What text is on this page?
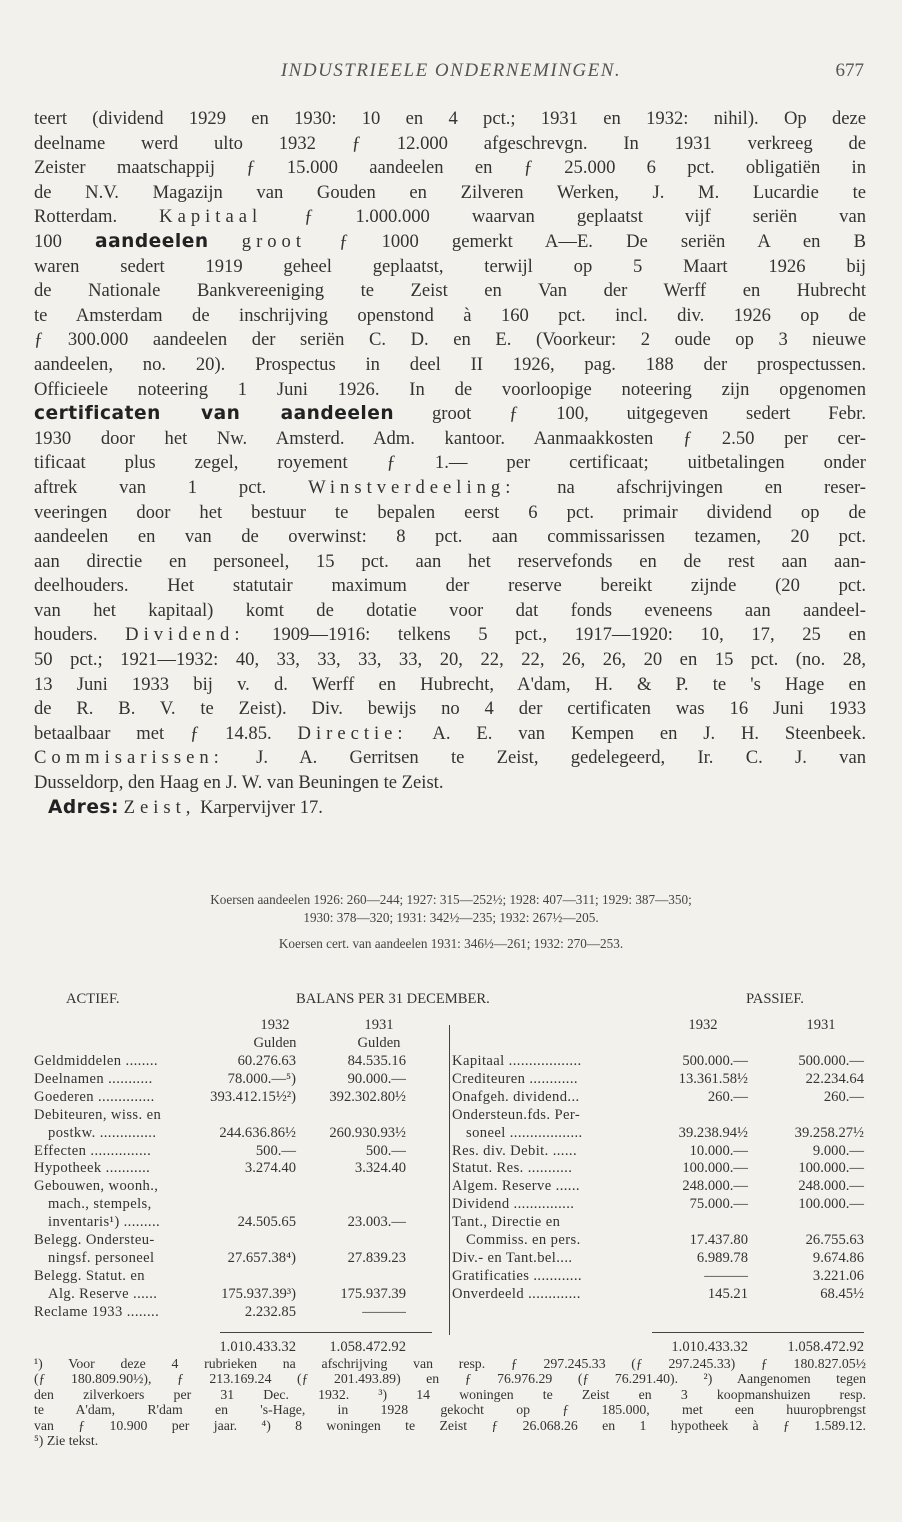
INDUSTRIEELE ONDERNEMINGEN.	677

teert (dividend 1929 en 1930: 10 en 4 pct.; 1931 en 1932: nihil). Op deze

deelname werd ulto 1932 ƒ 12.000 afgeschrevgn. In 1931 verkreeg de

Zeister maatschappij ƒ 15.000 aandeelen en ƒ 25.000 6 pct. obligatiën in

de N.V. Magazijn van Gouden en Zilveren Werken, J. M. Lucardie te

Rotterdam. Kapitaal ƒ 1.000.000 waarvan geplaatst vijf seriën van

100 aandeelen groot ƒ 1000 gemerkt A—E. De seriën A en B

waren sedert 1919 geheel geplaatst, terwijl op 5 Maart 1926 bij

de Nationale Bankvereeniging te Zeist en Van der Werff en Hubrecht

te Amsterdam de inschrijving openstond à 160 pct. incl. div. 1926 op de

ƒ 300.000 aandeelen der seriën C. D. en E. (Voorkeur: 2 oude op 3 nieuwe

aandeelen, no. 20). Prospectus in deel II 1926, pag. 188 der prospectussen.

Officieele noteering 1 Juni 1926. In de voorloopige noteering zijn opgenomen

certificaten van aandeelen groot ƒ 100, uitgegeven sedert Febr.

1930 door het Nw. Amsterd. Adm. kantoor. Aanmaakkosten ƒ 2.50 per cer-

tificaat plus zegel, royement ƒ 1.— per certificaat; uitbetalingen onder

aftrek van 1 pct. Winstverdeeling: na afschrijvingen en reser-

veeringen door het bestuur te bepalen eerst 6 pct. primair dividend op de

aandeelen en van de overwinst: 8 pct. aan commissarissen tezamen, 20 pct.

aan directie en personeel, 15 pct. aan het reservefonds en de rest aan aan-

deelhouders. Het statutair maximum der reserve bereikt zijnde (20 pct.

van het kapitaal) komt de dotatie voor dat fonds eveneens aan aandeel-

houders. Dividend: 1909—1916: telkens 5 pct., 1917—1920: 10, 17, 25 en

50 pct.; 1921—1932: 40, 33, 33, 33, 33, 20, 22, 22, 26, 26, 20 en 15 pct. (no. 28,

13 Juni 1933 bij v. d. Werff en Hubrecht, A'dam, H. & P. te 's Hage en

de R. B. V. te Zeist). Div. bewijs no 4 der certificaten was 16 Juni 1933

betaalbaar met ƒ 14.85. Directie: A. E. van Kempen en J. H. Steenbeek.

Commisarissen: J. A. Gerritsen te Zeist, gedelegeerd, Ir. C. J. van

Dusseldorp, den Haag en J. W. van Beuningen te Zeist.

Adres: Zeist, Karpervijver 17.

Koersen aandeelen 1926: 260—244; 1927: 315—252½; 1928: 407—311; 1929: 387—350;
1930: 378—320; 1931: 342½—235; 1932: 267½—205.
Koersen cert. van aandeelen 1931: 346½—261; 1932: 270—253.
ACTIEF.	BALANS PER 31 DECEMBER.	PASSIEF.
1932	1931
Gulden	Gulden
1932	1931
Geldmiddelen ........	60.276.63	84.535.16
Deelnamen ...........	78.000.—⁵)	90.000.—
Goederen ..............	393.412.15½²)	392.302.80½
Debiteuren, wiss. en
postkw. ..............	244.636.86½	260.930.93½
Effecten ...............	500.—	500.—
Hypotheek ...........	3.274.40	3.324.40
Gebouwen, woonh.,
mach., stempels,
inventaris¹) .........	24.505.65	23.003.—
Belegg. Ondersteu-
ningsf. personeel	27.657.38⁴)	27.839.23
Belegg. Statut. en
Alg. Reserve ......	175.937.39³)	175.937.39
Reclame 1933 ........	2.232.85	———
Kapitaal ..................	500.000.—	500.000.—
Crediteuren ............	13.361.58½	22.234.64
Onafgeh. dividend...	260.—	260.—
Ondersteun.fds. Per-
soneel ..................	39.238.94½	39.258.27½
Res. div. Debit. ......	10.000.—	9.000.—
Statut. Res. ...........	100.000.—	100.000.—
Algem. Reserve ......	248.000.—	248.000.—
Dividend ...............	75.000.—	100.000.—
Tant., Directie en
Commiss. en pers.	17.437.80	26.755.63
Div.- en Tant.bel....	6.989.78	9.674.86
Gratificaties ............	———	3.221.06
Onverdeeld .............	145.21	68.45½
1.010.433.32	1.058.472.92	1.010.433.32	1.058.472.92

¹) Voor deze 4 rubrieken na afschrijving van resp. ƒ 297.245.33 (ƒ 297.245.33) ƒ 180.827.05½

(ƒ 180.809.90½), ƒ 213.169.24 (ƒ 201.493.89) en ƒ 76.976.29 (ƒ 76.291.40). ²) Aangenomen tegen

den zilverkoers per 31 Dec. 1932. ³) 14 woningen te Zeist en 3 koopmanshuizen resp.

te A'dam, R'dam en 's-Hage, in 1928 gekocht op ƒ 185.000, met een huuropbrengst

van ƒ 10.900 per jaar. ⁴) 8 woningen te Zeist ƒ 26.068.26 en 1 hypotheek à ƒ 1.589.12.

⁵) Zie tekst.
